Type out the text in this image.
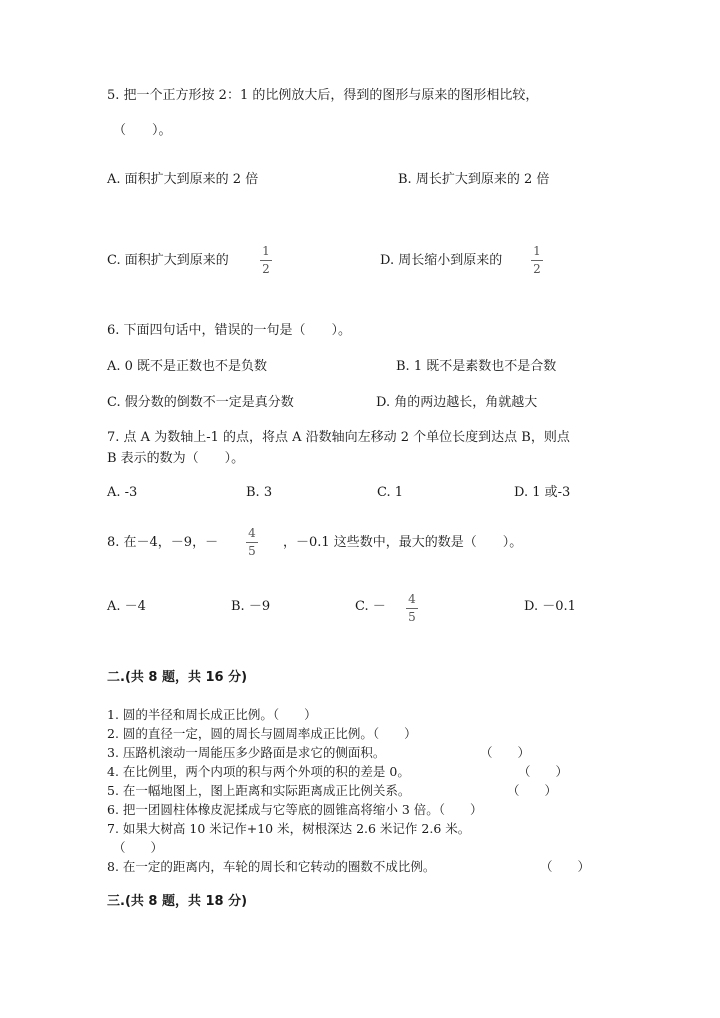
5. 把一个正方形按 2：1 的比例放大后，得到的图形与原来的图形相比较，
（　　）。
A. 面积扩大到原来的 2 倍	B. 周长扩大到原来的 2 倍
C. 面积扩大到原来的
1
2
D. 周长缩小到原来的
1
2
6. 下面四句话中，错误的一句是（　　）。
A. 0 既不是正数也不是负数	B. 1 既不是素数也不是合数
C. 假分数的倒数不一定是真分数	D. 角的两边越长，角就越大
7. 点 A 为数轴上-1 的点，将点 A 沿数轴向左移动 2 个单位长度到达点 B，则点
B 表示的数为（　　）。
A. -3	B. 3	C. 1	D. 1 或-3
8. 在－4，－9，－
4
5
，－0.1 这些数中，最大的数是（　　）。
A. －4	B. －9	C. － 4
5
D. －0.1
二.(共 8 题，共 16 分)
1. 圆的半径和周长成正比例。（　　）
2. 圆的直径一定，圆的周长与圆周率成正比例。（　　）
3. 压路机滚动一周能压多少路面是求它的侧面积。	（　　）
4. 在比例里，两个内项的积与两个外项的积的差是 0。	（　　）
5. 在一幅地图上，图上距离和实际距离成正比例关系。	（　　）
6. 把一团圆柱体橡皮泥揉成与它等底的圆锥高将缩小 3 倍。（　　）
7. 如果大树高 10 米记作+10 米，树根深达 2.6 米记作 2.6 米。
（　　）
8. 在一定的距离内，车轮的周长和它转动的圈数不成比例。	（　　）
三.(共 8 题，共 18 分)
